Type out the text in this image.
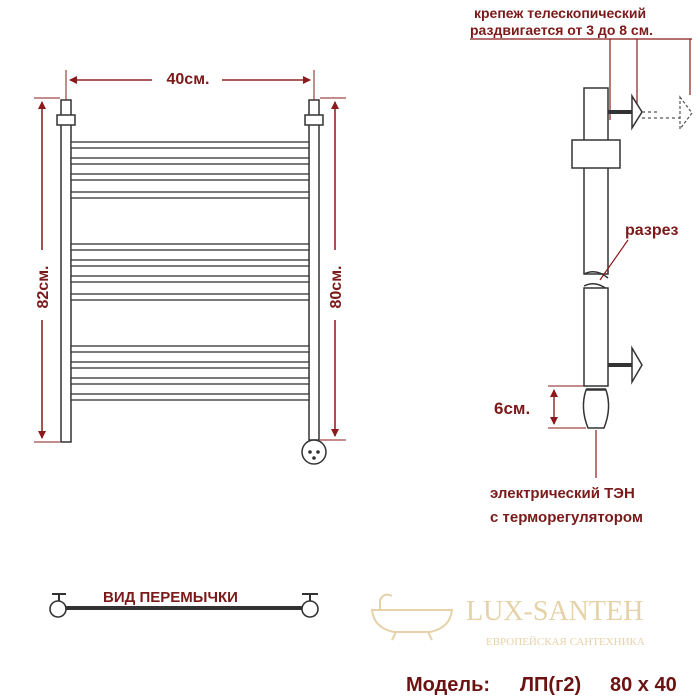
40см.
82см.	80см.
крепеж телескопический
раздвигается от 3 до 8 см.
разрез
6см.
электрический ТЭН
с терморегулятором
ВИД ПЕРЕМЫЧКИ	LUX-SANTEH
ЕВРОПЕЙСКАЯ САНТЕХНИКА
Модель: ЛП(г2) 80 х 40
